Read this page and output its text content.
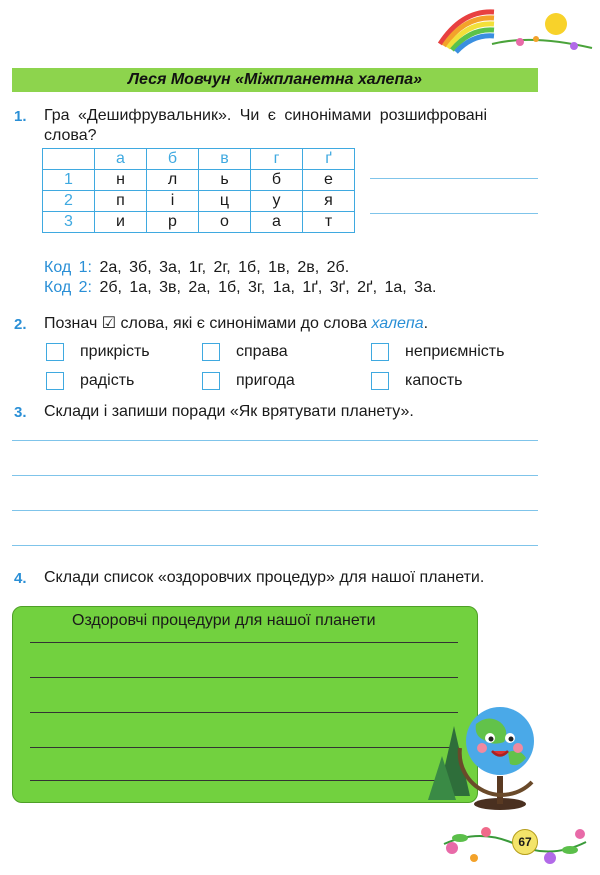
Леся Мовчун «Міжпланетна халепа»
1. Гра «Дешифрувальник». Чи є синонімами розшифровані
слова?
	а	б	в	г	ґ
1	н	л	ь	б	е
2	п	і	ц	у	я
3	и	р	о	а	т
Код 1: 2а, 3б, 3а, 1г, 2г, 1б, 1в, 2в, 2б.
Код 2: 2б, 1а, 3в, 2а, 1б, 3г, 1а, 1ґ, 3ґ, 2ґ, 1а, 3а.
2. Познач ☑ слова, які є синонімами до слова халепа.
прикрість	справа	неприємність
радість	пригода	капость
3. Склади і запиши поради «Як врятувати планету».
4. Склади список «оздоровчих процедур» для нашої планети.
Оздоровчі процедури для нашої планети
67
